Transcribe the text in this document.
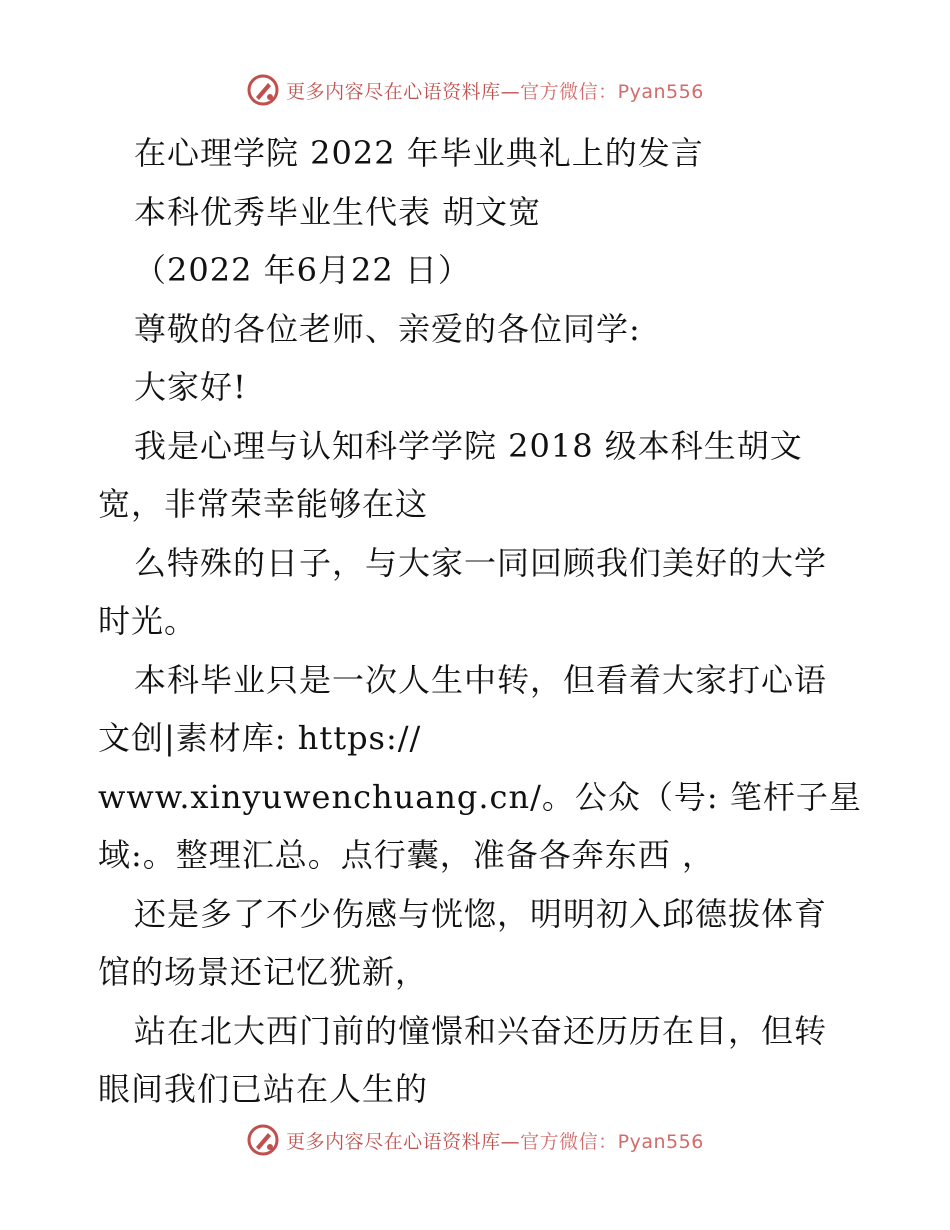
更多内容尽在心语资料库—官方微信：Pyan556
在心理学院 2022 年毕业典礼上的发言
本科优秀毕业生代表 胡文宽
（2022 年6月22 日）
尊敬的各位老师、亲爱的各位同学:
大家好!
我是心理与认知科学学院 2018 级本科生胡文
宽，非常荣幸能够在这
么特殊的日子，与大家一同回顾我们美好的大学
时光。
本科毕业只是一次人生中转，但看着大家打心语
文创|素材库: https://
www.xinyuwenchuang.cn/。公众（号: 笔杆子星
域:。整理汇总。点行囊，准备各奔东西 ，
还是多了不少伤感与恍惚，明明初入邱德拔体育
馆的场景还记忆犹新，
站在北大西门前的憧憬和兴奋还历历在目，但转
眼间我们已站在人生的
更多内容尽在心语资料库—官方微信：Pyan556
